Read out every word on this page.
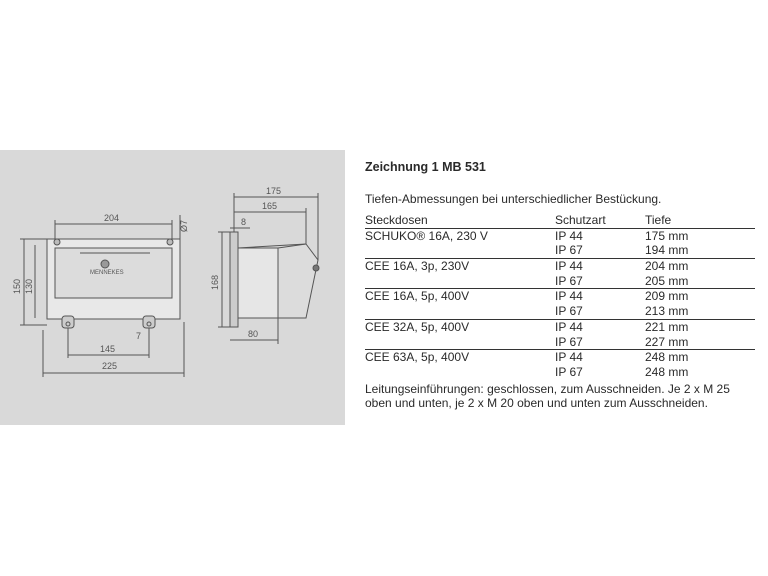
204
225
145
7
Ø7
150 130
MENNEKES
175
165
8
168
80
Zeichnung 1 MB 531
Tiefen-Abmessungen bei unterschiedlicher Bestückung.
Steckdosen	Schutzart	Tiefe
SCHUKO® 16A, 230 V	IP 44	175 mm
	IP 67	194 mm
CEE 16A, 3p, 230V	IP 44	204 mm
	IP 67	205 mm
CEE 16A, 5p, 400V	IP 44	209 mm
	IP 67	213 mm
CEE 32A, 5p, 400V	IP 44	221 mm
	IP 67	227 mm
CEE 63A, 5p, 400V	IP 44	248 mm
	IP 67	248 mm
Leitungseinführungen: geschlossen, zum Ausschneiden. Je 2 x M 25
oben und unten, je 2 x M 20 oben und unten zum Ausschneiden.
